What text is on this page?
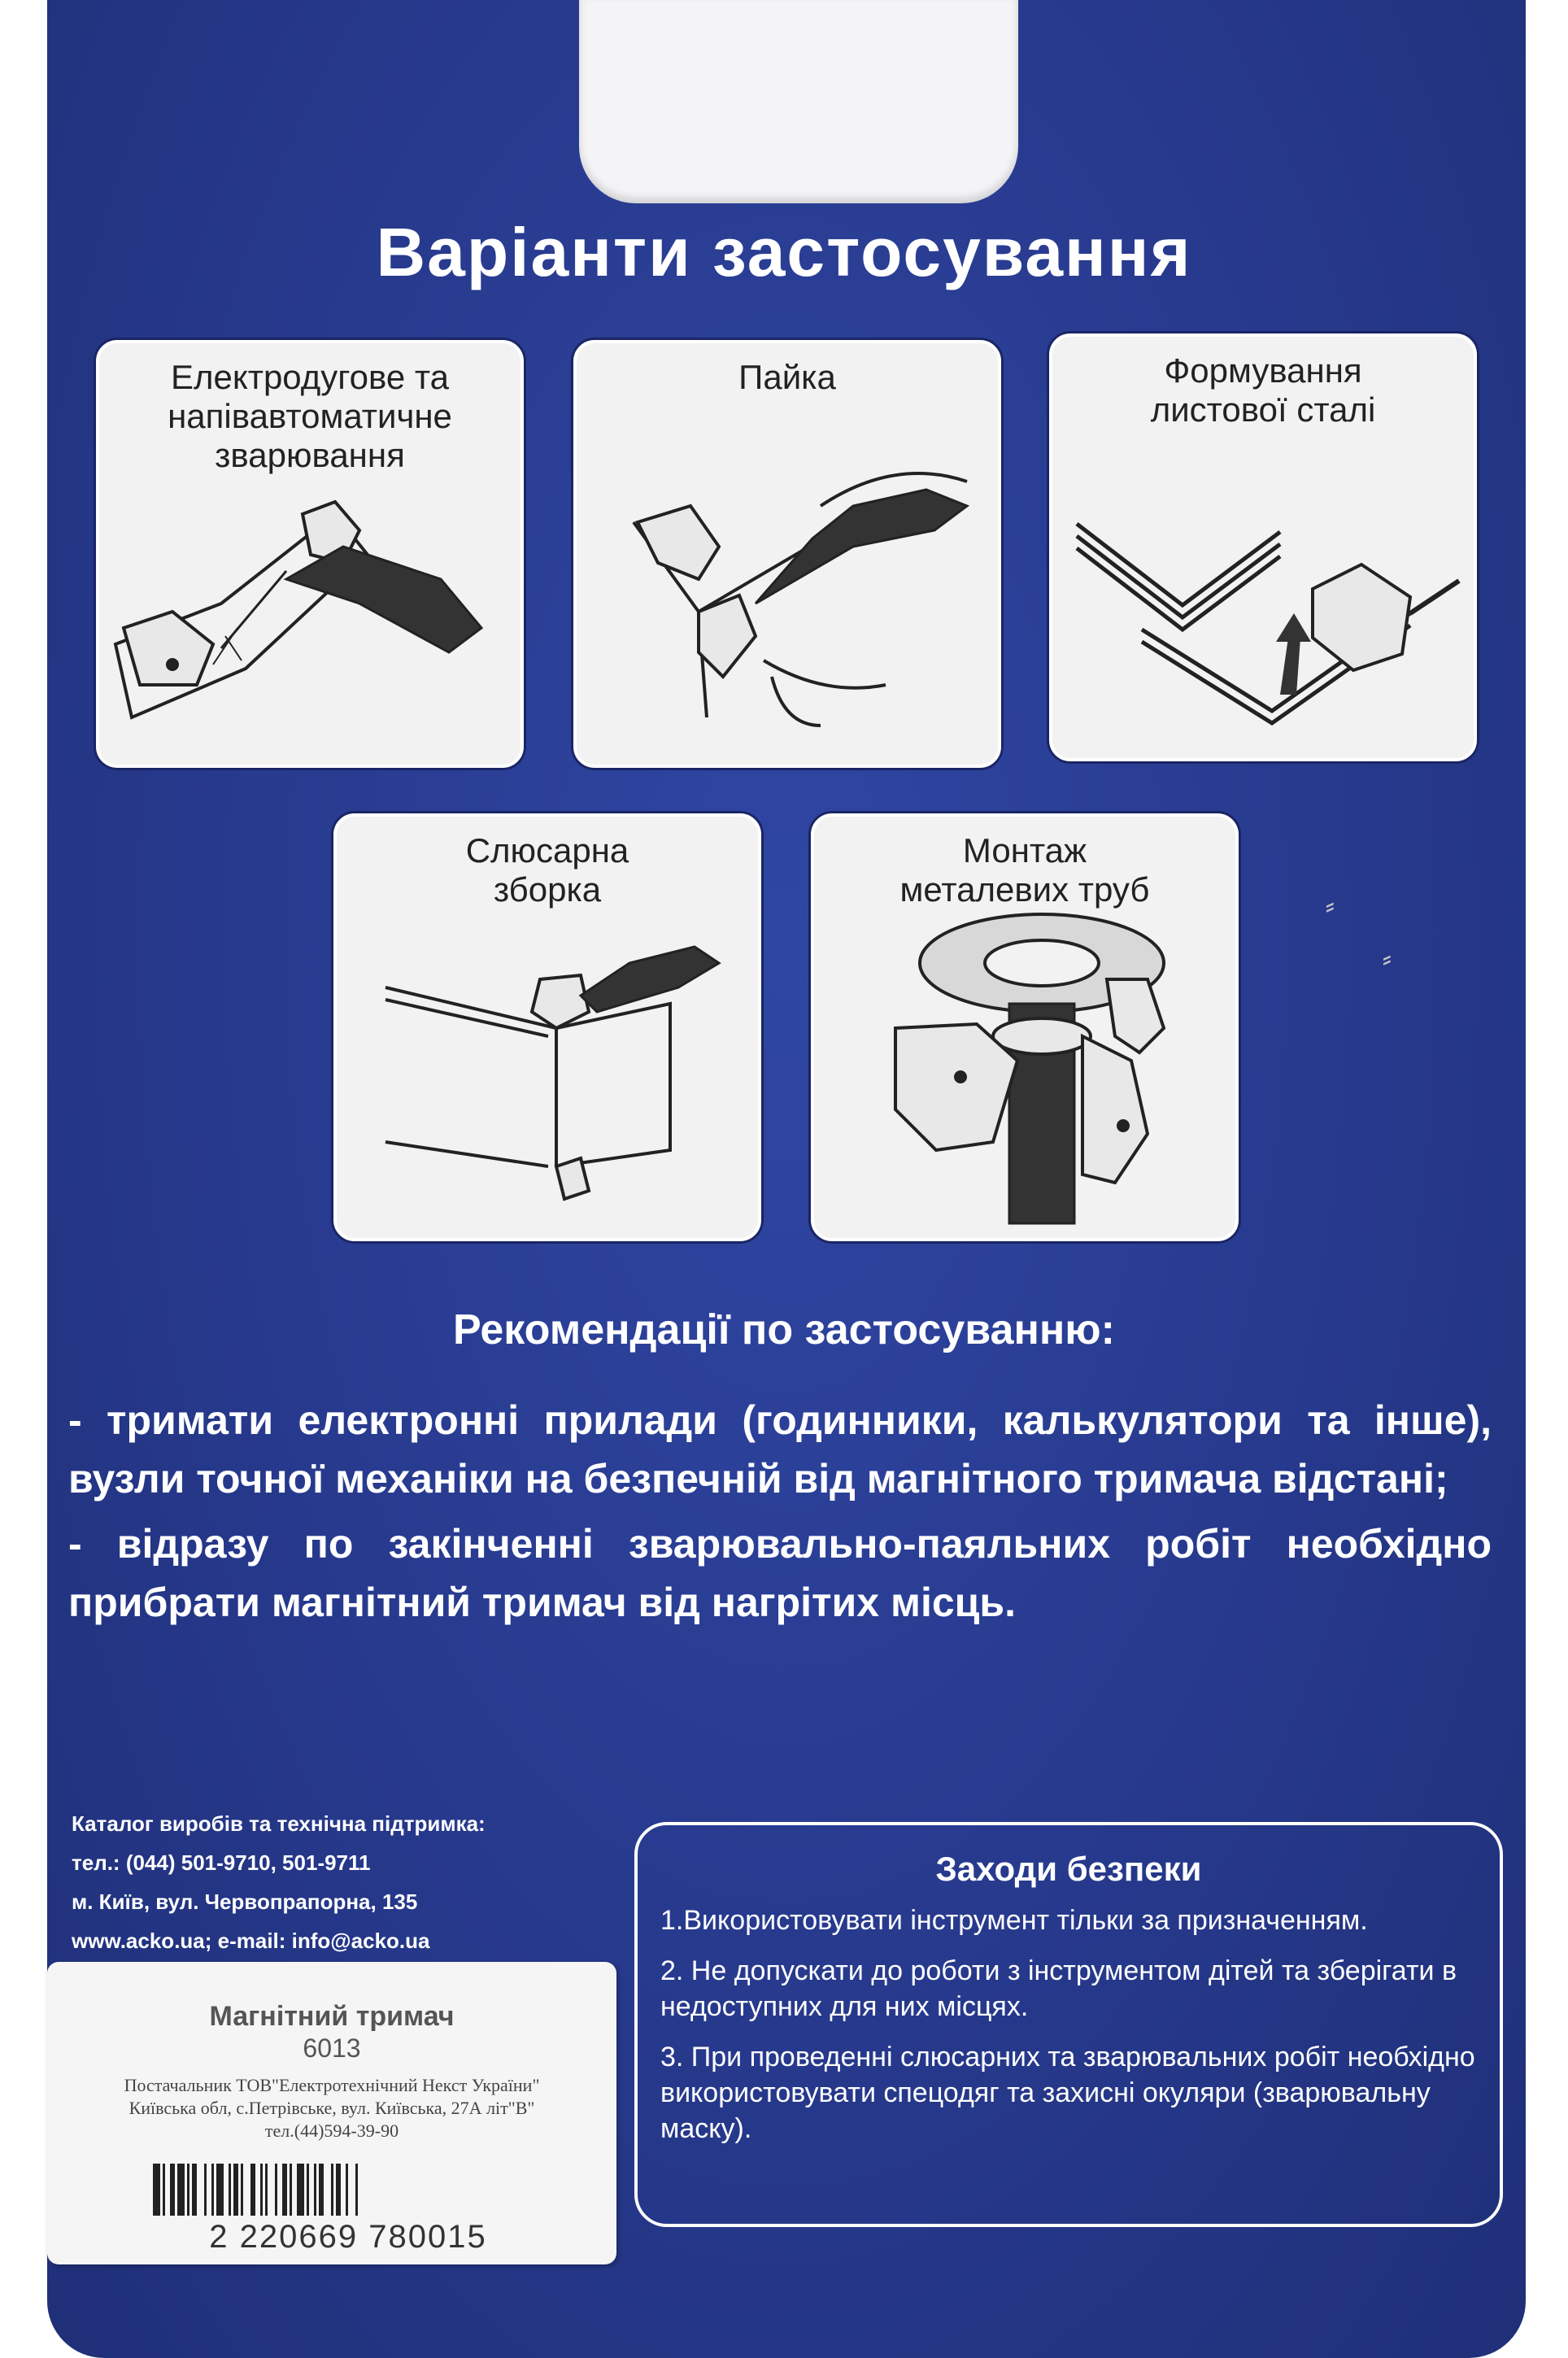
⸗
⸗
Варіанти застосування
Електродугове та
напівавтоматичне
зварювання
Пайка	Формування
листової сталі
Слюсарна
зборка
Монтаж
металевих труб
Рекомендації по застосуванню:

- тримати електронні прилади (годинники, калькулятори та інше), вузли точної механіки на безпечній від магнітного тримача відстані;

- відразу по закінченні зварювально-паяльних робіт необхідно прибрати магнітний тримач від нагрітих місць.

Каталог виробів та технічна підтримка:
тел.: (044) 501-9710, 501-9711
м. Київ, вул. Червопрапорна, 135
www.acko.ua; e-mail: info@acko.ua
Заходи безпеки
1.Використовувати інструмент тільки за призначенням.
2. Не допускати до роботи з інструментом дітей та зберігати в недоступних для них місцях.
3. При проведенні слюсарних та зварювальних робіт необхідно використовувати спецодяг та захисні окуляри (зварювальну маску).
Магнітний тримач
6013
Постачальник ТОВ"Електротехнічний Некст України"
Київська обл, с.Петрівське, вул. Київська, 27А літ"В"
тел.(44)594-39-90
2 220669 780015
